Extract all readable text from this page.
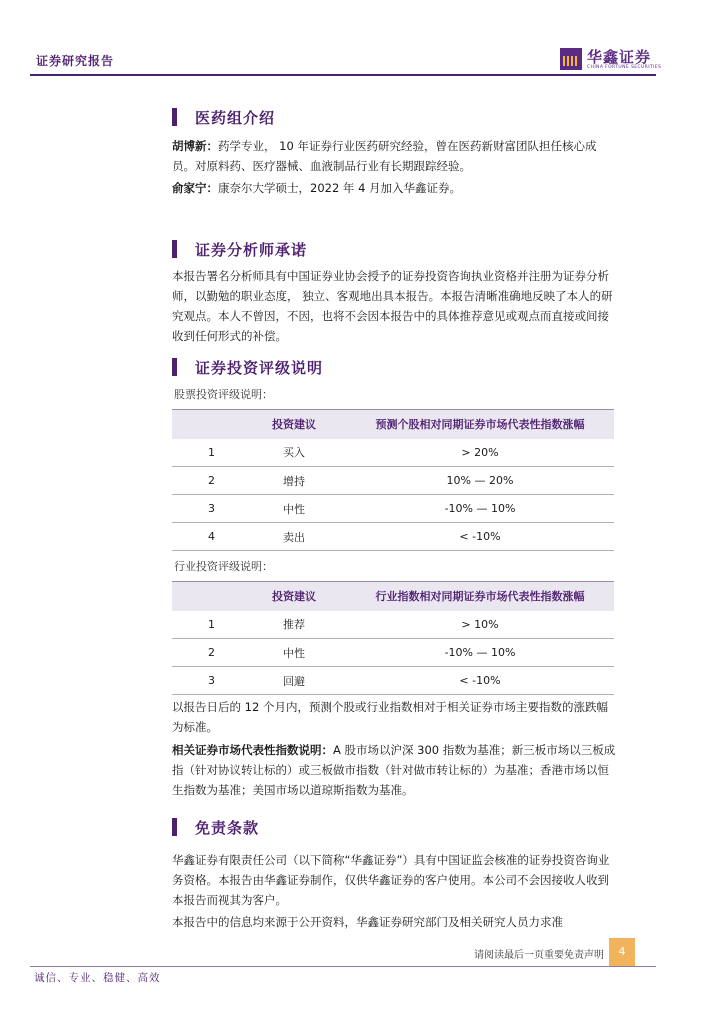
证券研究报告	华鑫证券
CHINA FORTUNE SECURITIES
医药组介绍
胡博新：药学专业， 10 年证券行业医药研究经验，曾在医药新财富团队担任核心成员。对原料药、医疗器械、血液制品行业有长期跟踪经验。
俞家宁：康奈尔大学硕士，2022 年 4 月加入华鑫证券。
证券分析师承诺
本报告署名分析师具有中国证券业协会授予的证券投资咨询执业资格并注册为证券分析师，以勤勉的职业态度， 独立、客观地出具本报告。本报告清晰准确地反映了本人的研究观点。本人不曾因，不因，也将不会因本报告中的具体推荐意见或观点而直接或间接收到任何形式的补偿。
证券投资评级说明
股票投资评级说明：
	投资建议	预测个股相对同期证券市场代表性指数涨幅
1	买入	> 20%
2	增持	10% — 20%
3	中性	-10% — 10%
4	卖出	< -10%
行业投资评级说明：
	投资建议	行业指数相对同期证券市场代表性指数涨幅
1	推荐	> 10%
2	中性	-10% — 10%
3	回避	< -10%
以报告日后的 12 个月内，预测个股或行业指数相对于相关证券市场主要指数的涨跌幅为标准。
相关证券市场代表性指数说明：A 股市场以沪深 300 指数为基准；新三板市场以三板成指（针对协议转让标的）或三板做市指数（针对做市转让标的）为基准；香港市场以恒生指数为基准；美国市场以道琼斯指数为基准。
免责条款
华鑫证券有限责任公司（以下简称“华鑫证券”）具有中国证监会核准的证券投资咨询业务资格。本报告由华鑫证券制作，仅供华鑫证券的客户使用。本公司不会因接收人收到本报告而视其为客户。
本报告中的信息均来源于公开资料，华鑫证券研究部门及相关研究人员力求准
请阅读最后一页重要免责声明	4
诚信、专业、稳健、高效
